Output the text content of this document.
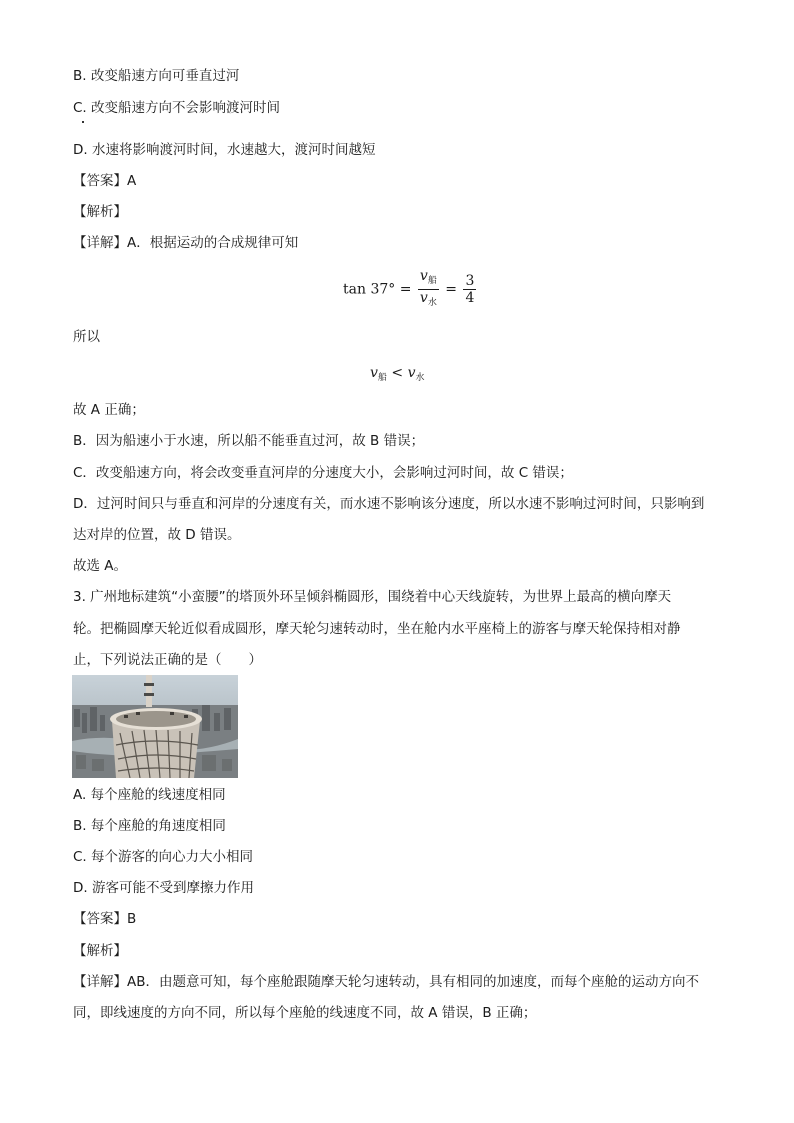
B. 改变船速方向可垂直过河
C. 改变船速方向不会影响渡河时间
D. 水速将影响渡河时间，水速越大，渡河时间越短
【答案】A
【解析】
【详解】A．根据运动的合成规律可知
$\tan 37^\circ = \frac{v_船}{v_水} = \frac{3}{4}$
所以
$v_船 < v_水$
故 A 正确；
B．因为船速小于水速，所以船不能垂直过河，故 B 错误；
C．改变船速方向，将会改变垂直河岸的分速度大小，会影响过河时间，故 C 错误；
D．过河时间只与垂直和河岸的分速度有关，而水速不影响该分速度，所以水速不影响过河时间，只影响到
达对岸的位置，故 D 错误。
故选 A。
3. 广州地标建筑“小蛮腰”的塔顶外环呈倾斜椭圆形，围绕着中心天线旋转，为世界上最高的横向摩天
轮。把椭圆摩天轮近似看成圆形，摩天轮匀速转动时，坐在舱内水平座椅上的游客与摩天轮保持相对静
止，下列说法正确的是（　　）
A. 每个座舱的线速度相同
B. 每个座舱的角速度相同
C. 每个游客的向心力大小相同
D. 游客可能不受到摩擦力作用
【答案】B
【解析】
【详解】AB．由题意可知，每个座舱跟随摩天轮匀速转动，具有相同的加速度，而每个座舱的运动方向不
同，即线速度的方向不同，所以每个座舱的线速度不同，故 A 错误，B 正确；
